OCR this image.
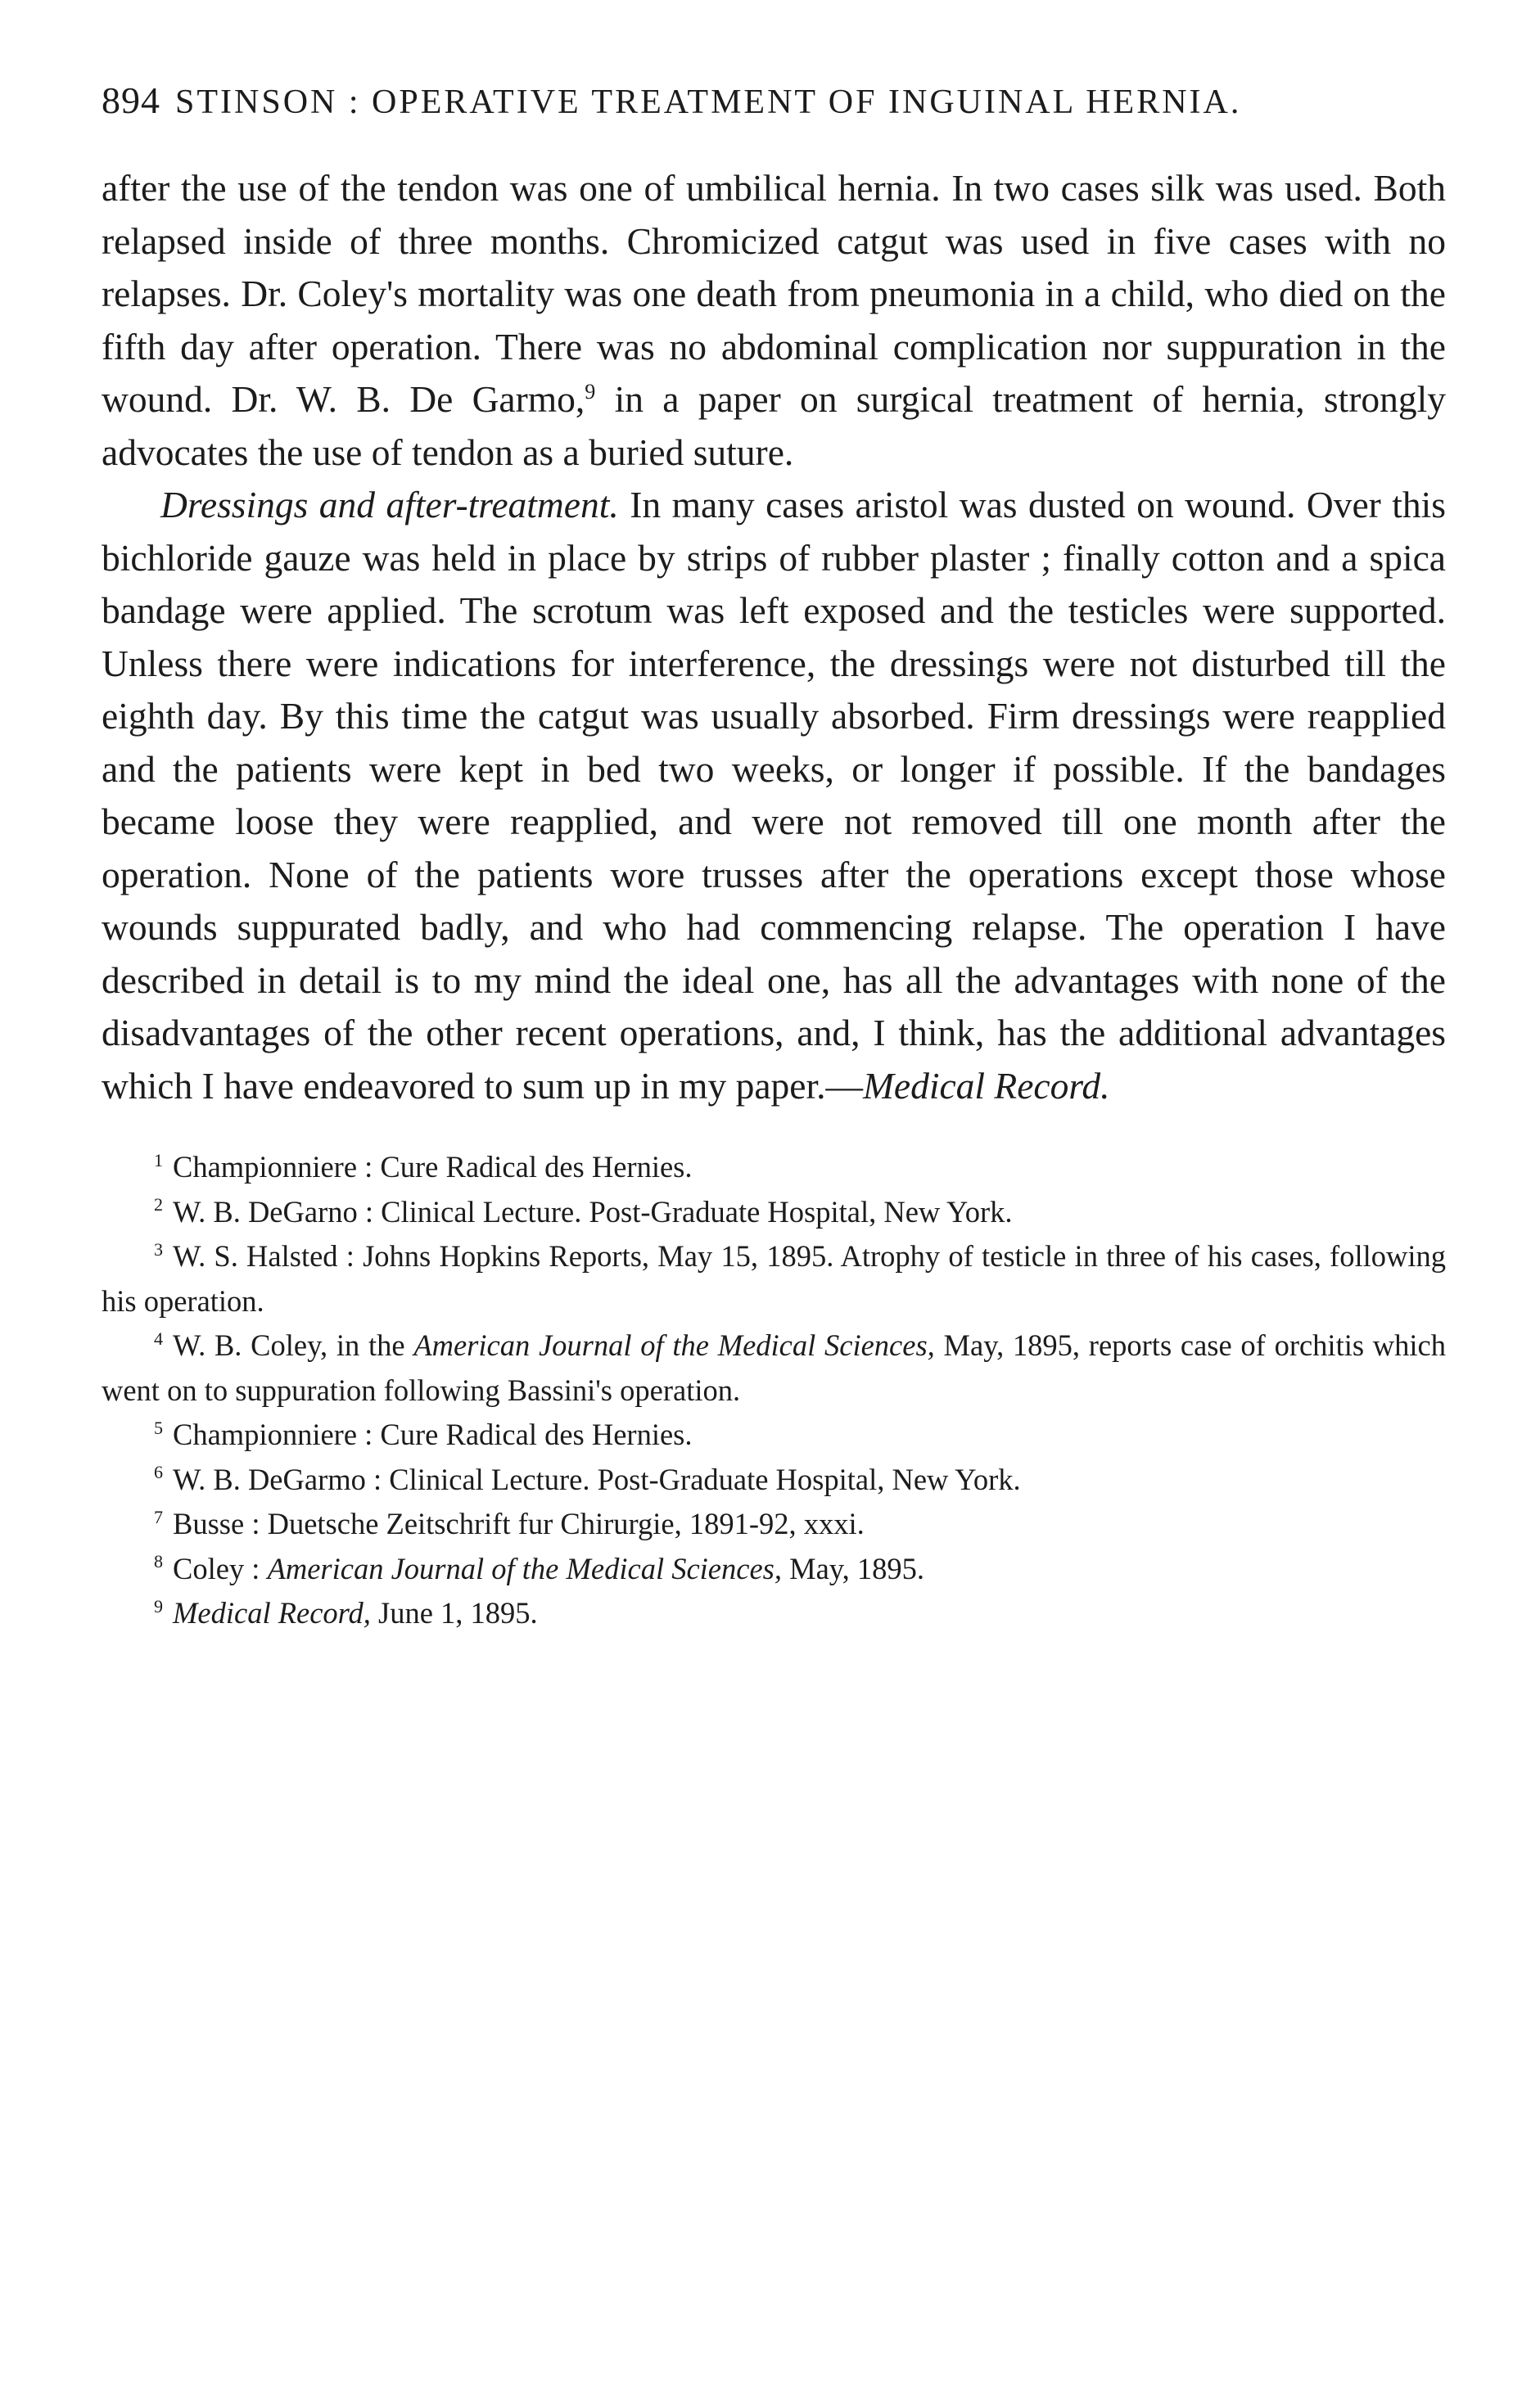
894 STINSON : OPERATIVE TREATMENT OF INGUINAL HERNIA.

after the use of the tendon was one of umbilical hernia. In two cases silk was used. Both relapsed inside of three months. Chromicized catgut was used in five cases with no relapses. Dr. Coley's mortality was one death from pneumonia in a child, who died on the fifth day after operation. There was no abdominal complication nor suppuration in the wound. Dr. W. B. De Garmo,$^9$ in a paper on surgical treatment of hernia, strongly advocates the use of tendon as a buried suture.

Dressings and after-treatment. In many cases aristol was dusted on wound. Over this bichloride gauze was held in place by strips of rubber plaster ; finally cotton and a spica bandage were applied. The scrotum was left exposed and the testicles were supported. Unless there were indications for interference, the dressings were not disturbed till the eighth day. By this time the catgut was usually absorbed. Firm dressings were reapplied and the patients were kept in bed two weeks, or longer if possible. If the bandages became loose they were reapplied, and were not removed till one month after the operation. None of the patients wore trusses after the operations except those whose wounds suppurated badly, and who had commencing relapse. The operation I have described in detail is to my mind the ideal one, has all the advantages with none of the disadvantages of the other recent operations, and, I think, has the additional advantages which I have endeavored to sum up in my paper.—Medical Record.

$^1$ Championniere : Cure Radical des Hernies.

$^2$ W. B. DeGarno : Clinical Lecture. Post-Graduate Hospital, New York.

$^3$ W. S. Halsted : Johns Hopkins Reports, May 15, 1895. Atrophy of testicle in three of his cases, following his operation.

$^4$ W. B. Coley, in the American Journal of the Medical Sciences, May, 1895, reports case of orchitis which went on to suppuration following Bassini's operation.

$^5$ Championniere : Cure Radical des Hernies.

$^6$ W. B. DeGarmo : Clinical Lecture. Post-Graduate Hospital, New York.

$^7$ Busse : Duetsche Zeitschrift fur Chirurgie, 1891-92, xxxi.

$^8$ Coley : American Journal of the Medical Sciences, May, 1895.

$^9$ Medical Record, June 1, 1895.
